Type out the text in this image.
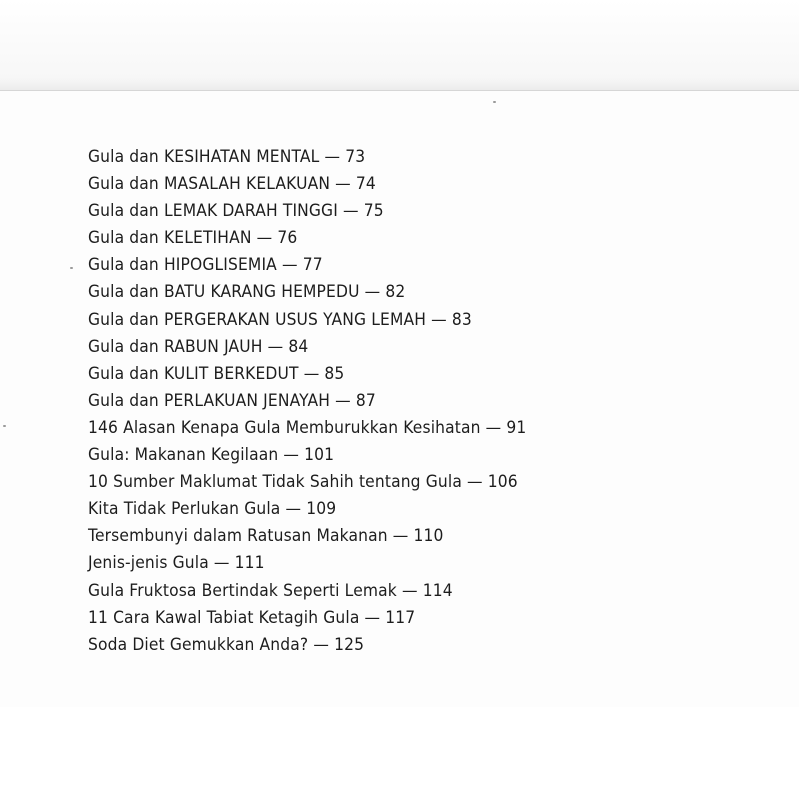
Gula dan KESIHATAN MENTAL — 73
Gula dan MASALAH KELAKUAN — 74
Gula dan LEMAK DARAH TINGGI — 75
Gula dan KELETIHAN — 76
Gula dan HIPOGLISEMIA — 77
Gula dan BATU KARANG HEMPEDU — 82
Gula dan PERGERAKAN USUS YANG LEMAH — 83
Gula dan RABUN JAUH — 84
Gula dan KULIT BERKEDUT — 85
Gula dan PERLAKUAN JENAYAH — 87
146 Alasan Kenapa Gula Memburukkan Kesihatan — 91
Gula: Makanan Kegilaan — 101
10 Sumber Maklumat Tidak Sahih tentang Gula — 106
Kita Tidak Perlukan Gula — 109
Tersembunyi dalam Ratusan Makanan — 110
Jenis-jenis Gula — 111
Gula Fruktosa Bertindak Seperti Lemak — 114
11 Cara Kawal Tabiat Ketagih Gula — 117
Soda Diet Gemukkan Anda? — 125
